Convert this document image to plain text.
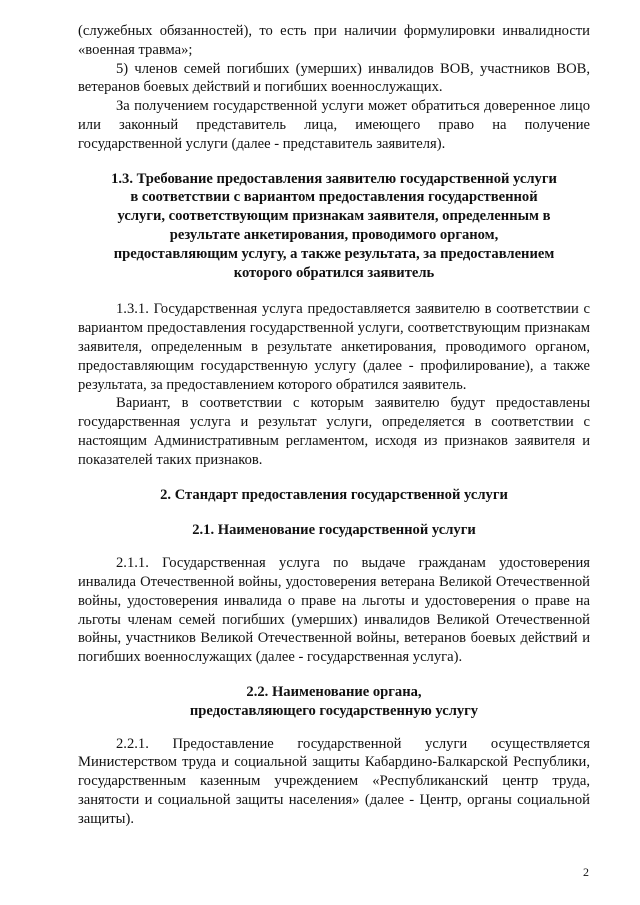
(служебных обязанностей), то есть при наличии формулировки инвалидности «военная травма»;

5) членов семей погибших (умерших) инвалидов ВОВ, участников ВОВ, ветеранов боевых действий и погибших военнослужащих.

За получением государственной услуги может обратиться доверенное лицо или законный представитель лица, имеющего право на получение государственной услуги (далее - представитель заявителя).

1.3. Требование предоставления заявителю государственной услуги в соответствии с вариантом предоставления государственной услуги, соответствующим признакам заявителя, определенным в результате анкетирования, проводимого органом, предоставляющим услугу, а также результата, за предоставлением которого обратился заявитель

1.3.1. Государственная услуга предоставляется заявителю в соответствии с вариантом предоставления государственной услуги, соответствующим признакам заявителя, определенным в результате анкетирования, проводимого органом, предоставляющим государственную услугу (далее - профилирование), а также результата, за предоставлением которого обратился заявитель.

Вариант, в соответствии с которым заявителю будут предоставлены государственная услуга и результат услуги, определяется в соответствии с настоящим Административным регламентом, исходя из признаков заявителя и показателей таких признаков.

2. Стандарт предоставления государственной услуги

2.1. Наименование государственной услуги

2.1.1. Государственная услуга по выдаче гражданам удостоверения инвалида Отечественной войны, удостоверения ветерана Великой Отечественной войны, удостоверения инвалида о праве на льготы и удостоверения о праве на льготы членам семей погибших (умерших) инвалидов Великой Отечественной войны, участников Великой Отечественной войны, ветеранов боевых действий и погибших военнослужащих (далее - государственная услуга).

2.2. Наименование органа,

предоставляющего государственную услугу

2.2.1. Предоставление государственной услуги осуществляется Министерством труда и социальной защиты Кабардино-Балкарской Республики, государственным казенным учреждением «Республиканский центр труда, занятости и социальной защиты населения» (далее - Центр, органы социальной защиты).

2
